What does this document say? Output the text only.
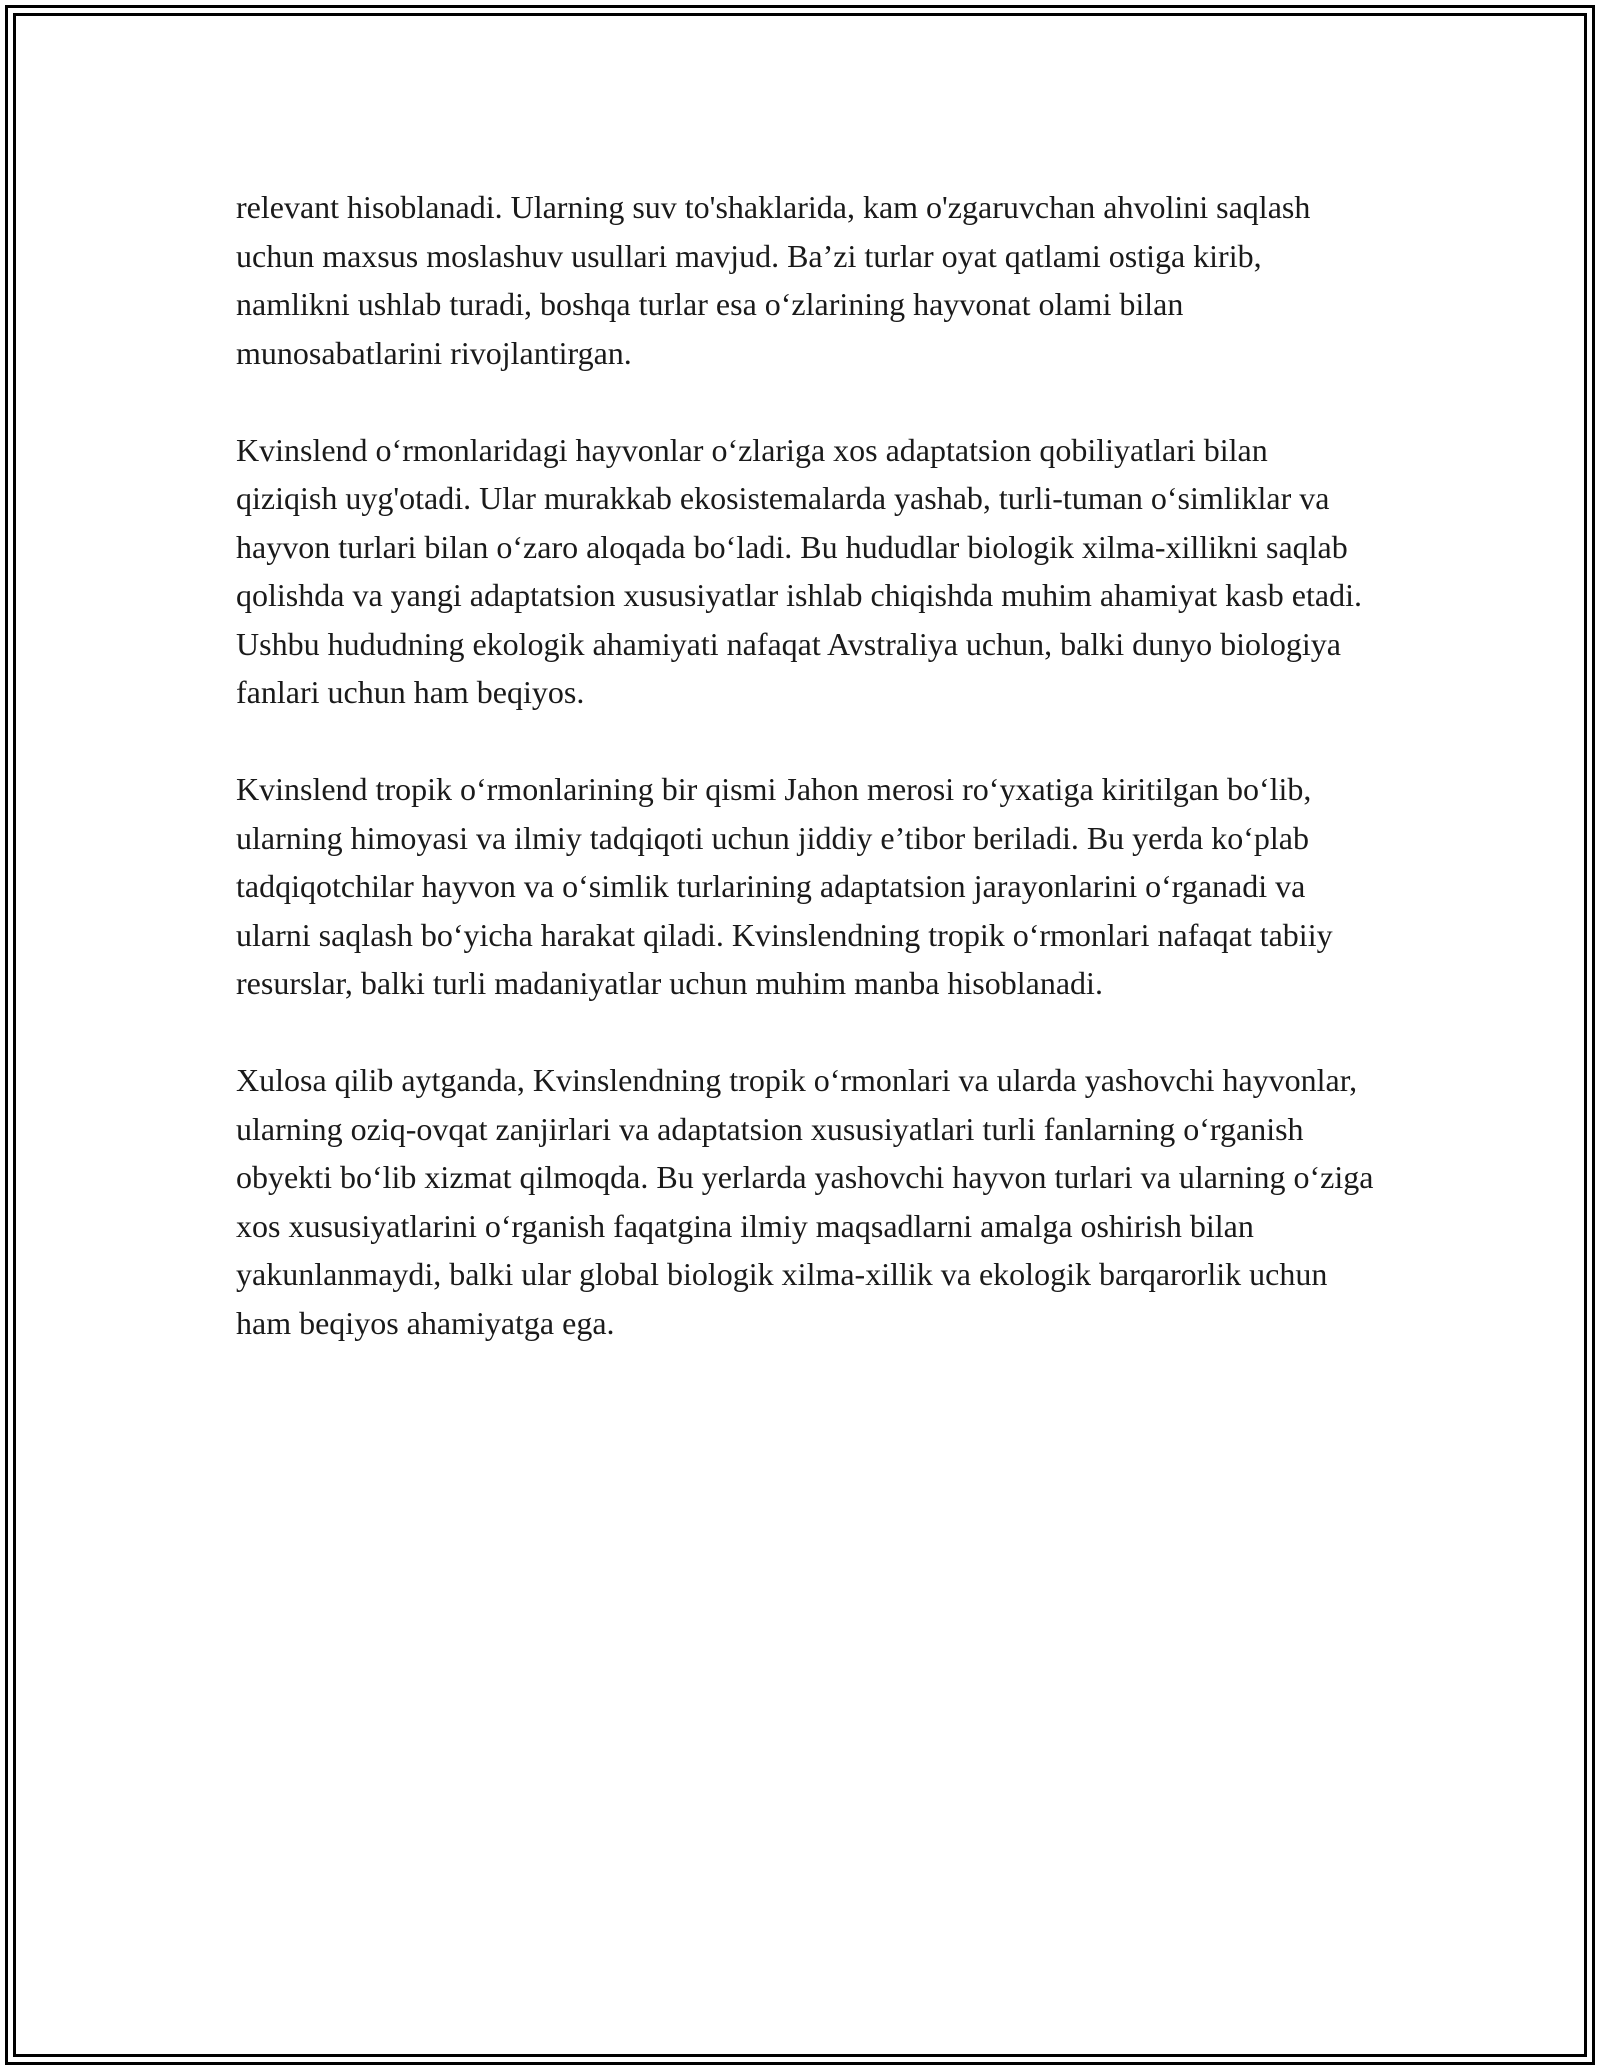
relevant hisoblanadi. Ularning suv to'shaklarida, kam o'zgaruvchan ahvolini saqlash uchun maxsus moslashuv usullari mavjud. Ba’zi turlar oyat qatlami ostiga kirib, namlikni ushlab turadi, boshqa turlar esa o‘zlarining hayvonat olami bilan munosabatlarini rivojlantirgan.

Kvinslend o‘rmonlaridagi hayvonlar o‘zlariga xos adaptatsion qobiliyatlari bilan qiziqish uyg'otadi. Ular murakkab ekosistemalarda yashab, turli-tuman o‘simliklar va hayvon turlari bilan o‘zaro aloqada bo‘ladi. Bu hududlar biologik xilma-xillikni saqlab qolishda va yangi adaptatsion xususiyatlar ishlab chiqishda muhim ahamiyat kasb etadi. Ushbu hududning ekologik ahamiyati nafaqat Avstraliya uchun, balki dunyo biologiya fanlari uchun ham beqiyos.

Kvinslend tropik o‘rmonlarining bir qismi Jahon merosi ro‘yxatiga kiritilgan bo‘lib, ularning himoyasi va ilmiy tadqiqoti uchun jiddiy e’tibor beriladi. Bu yerda ko‘plab tadqiqotchilar hayvon va o‘simlik turlarining adaptatsion jarayonlarini o‘rganadi va ularni saqlash bo‘yicha harakat qiladi. Kvinslendning tropik o‘rmonlari nafaqat tabiiy resurslar, balki turli madaniyatlar uchun muhim manba hisoblanadi.

Xulosa qilib aytganda, Kvinslendning tropik o‘rmonlari va ularda yashovchi hayvonlar, ularning oziq-ovqat zanjirlari va adaptatsion xususiyatlari turli fanlarning o‘rganish obyekti bo‘lib xizmat qilmoqda. Bu yerlarda yashovchi hayvon turlari va ularning o‘ziga xos xususiyatlarini o‘rganish faqatgina ilmiy maqsadlarni amalga oshirish bilan yakunlanmaydi, balki ular global biologik xilma-xillik va ekologik barqarorlik uchun ham beqiyos ahamiyatga ega.
